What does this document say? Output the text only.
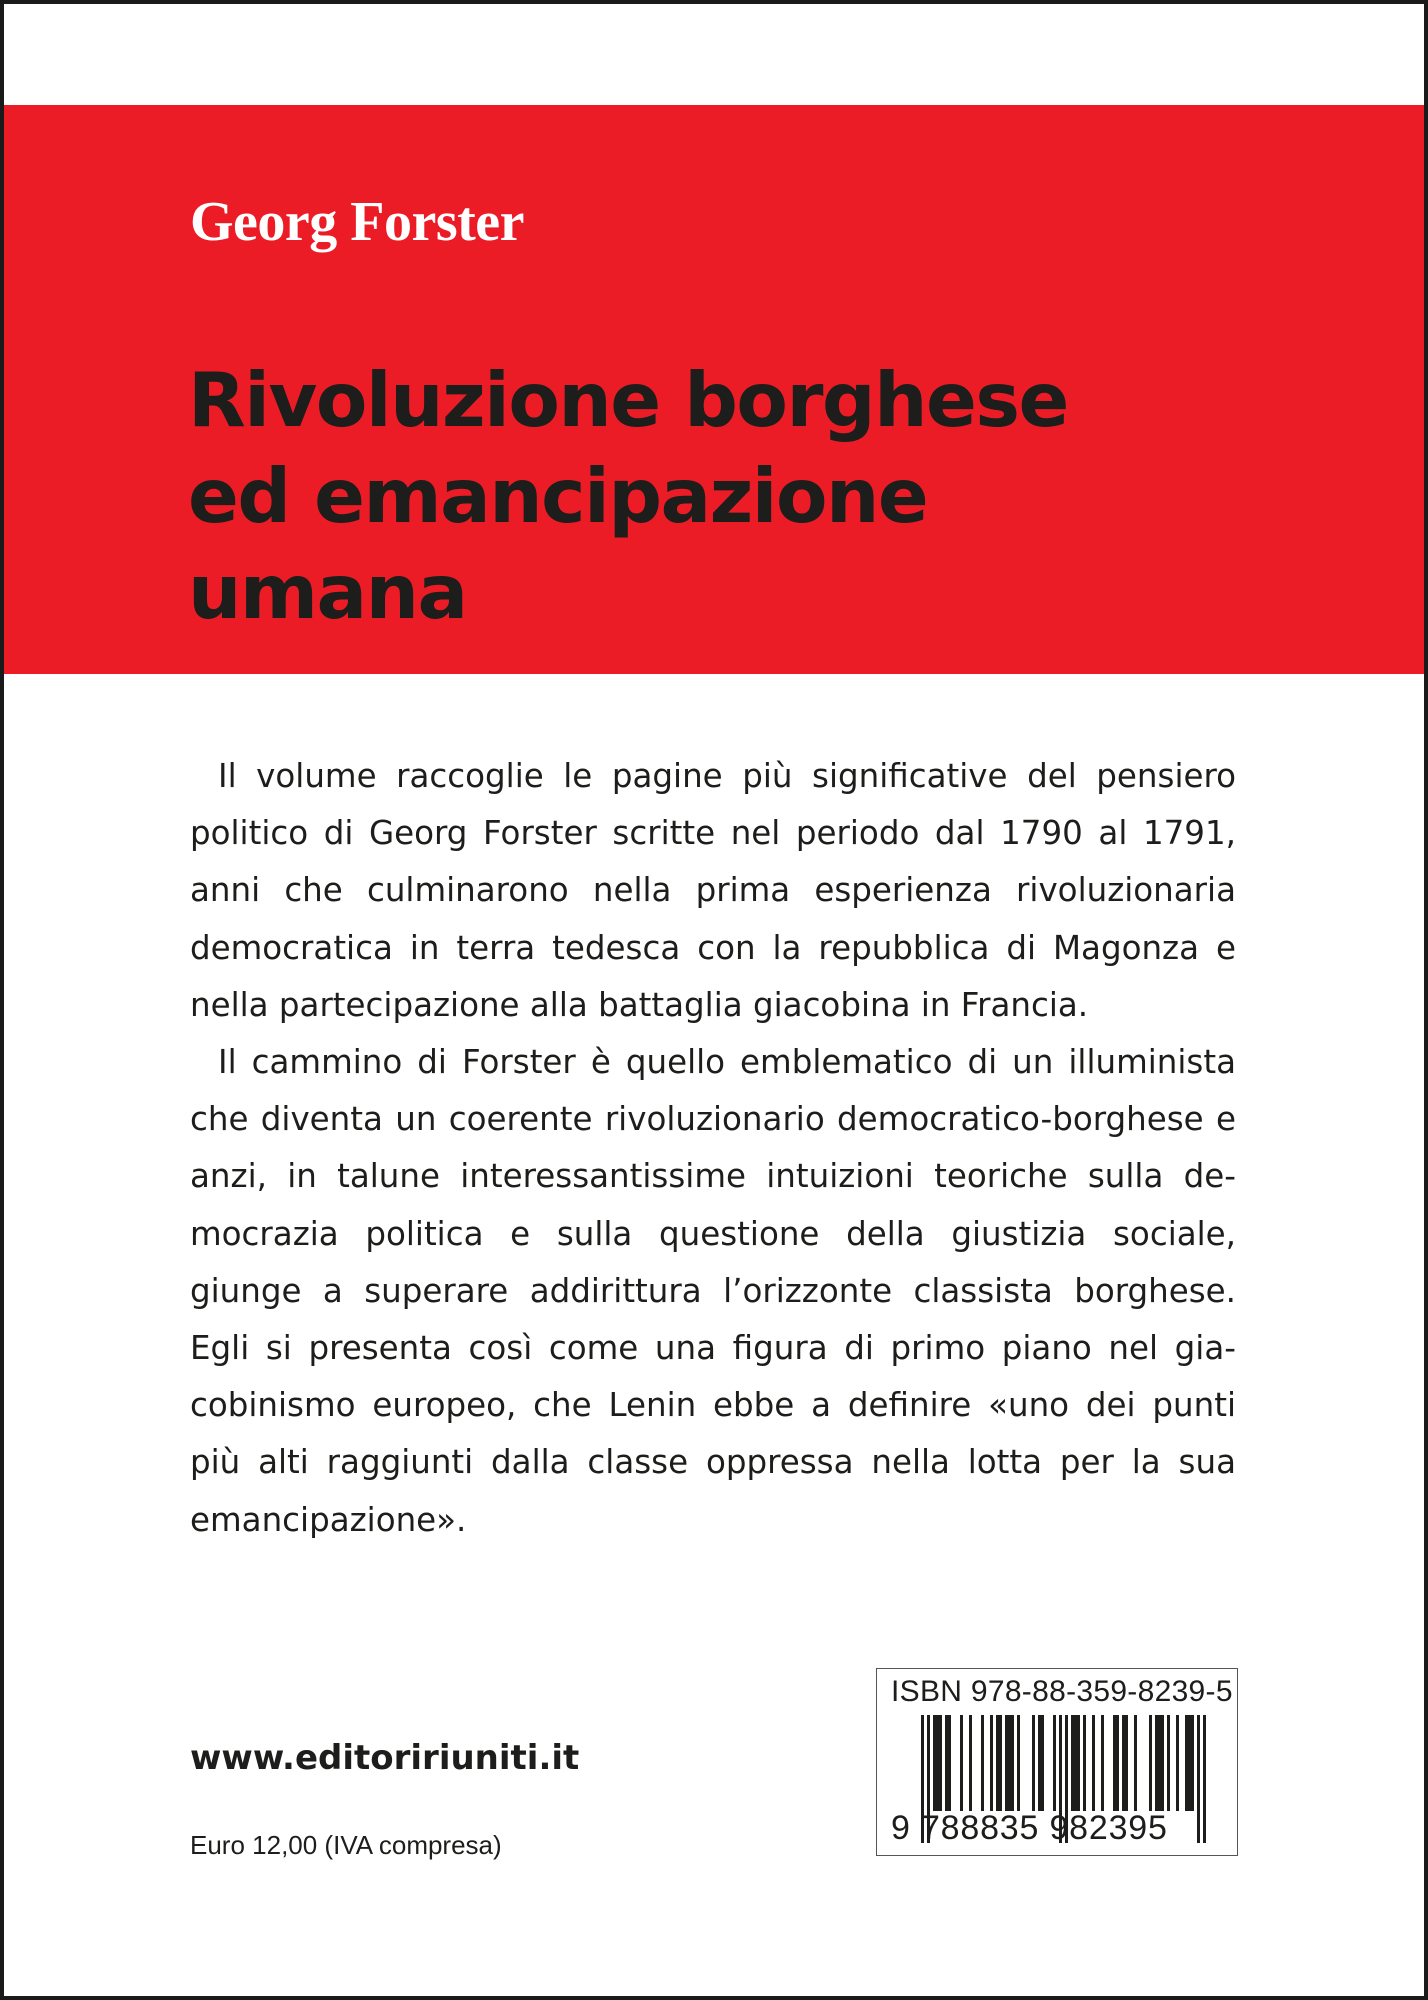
Georg Forster
Rivoluzione borghese
ed emancipazione
umana

Il volume raccoglie le pagine più significative del pensiero politico di Georg Forster scritte nel periodo dal 1790 al 1791, anni che culminarono nella prima esperienza rivoluzionaria democratica in terra tedesca con la repubblica di Magonza e nella partecipazione alla battaglia giacobina in Francia.

Il cammino di Forster è quello emblematico di un illuminista che diventa un coerente rivoluzionario democratico-borghese e anzi, in talune interessantissime intuizioni teoriche sulla democrazia politica e sulla questione della giustizia sociale, giunge a superare addirittura l’orizzonte classista borghese. Egli si presenta così come una figura di primo piano nel giacobinismo europeo, che Lenin ebbe a definire «uno dei punti più alti raggiunti dalla classe oppressa nella lotta per la sua emancipazione».

www.editoririuniti.it
Euro 12,00 (IVA compresa)
ISBN 978-88-359-8239-5
9 788835 982395
